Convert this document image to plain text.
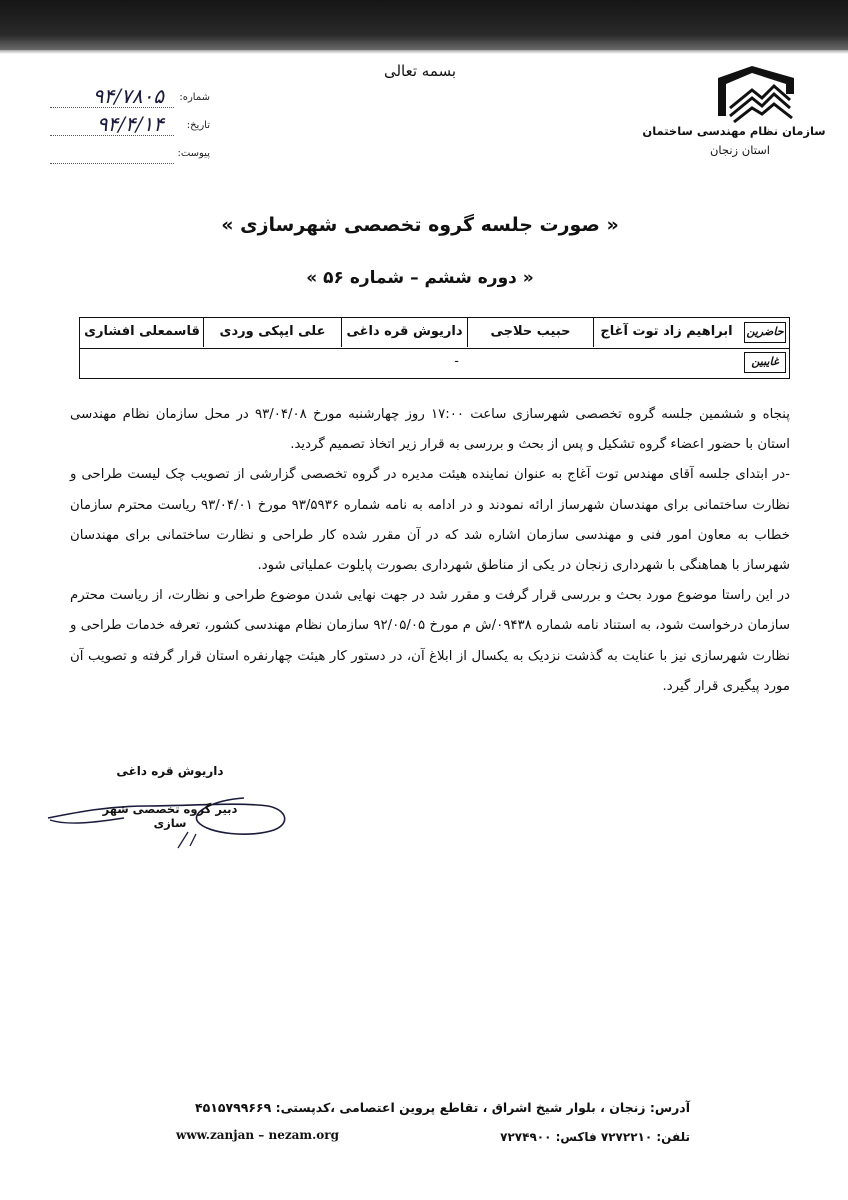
بسمه تعالی
سازمان نظام مهندسی ساختمان
استان زنجان
شماره:
۹۴/۷۸۰۵
تاریخ:
۹۴/۴/۱۴
پیوست:
« صورت جلسه گروه تخصصی شهرسازی »
« دوره ششم – شماره ۵۶ »
حاضرین
ابراهیم زاد توت آغاج
حبیب حلاجی
داریوش قره داغی
علی ایپکی وردی
قاسمعلی افشاری
غایبین
-

پنجاه و ششمین جلسه گروه تخصصی شهرسازی ساعت ۱۷:۰۰ روز چهارشنبه مورخ ۹۳/۰۴/۰۸ در محل سازمان نظام مهندسی استان با حضور اعضاء گروه تشکیل و پس از بحث و بررسی به قرار زیر اتخاذ تصمیم گردید.

-در ابتدای جلسه آقای مهندس توت آغاج به عنوان نماینده هیئت مدیره در گروه تخصصی گزارشی از تصویب چک لیست طراحی و نظارت ساختمانی برای مهندسان شهرساز ارائه نمودند و در ادامه به نامه شماره ۹۳/۵۹۳۶ مورخ ۹۳/۰۴/۰۱ ریاست محترم سازمان خطاب به معاون امور فنی و مهندسی سازمان اشاره شد که در آن مقرر شده کار طراحی و نظارت ساختمانی برای مهندسان شهرساز با هماهنگی با شهرداری زنجان در یکی از مناطق شهرداری بصورت پایلوت عملیاتی شود.

در این راستا موضوع مورد بحث و بررسی قرار گرفت و مقرر شد در جهت نهایی شدن موضوع طراحی و نظارت، از ریاست محترم سازمان درخواست شود، به استناد نامه شماره ۰۹۴۳۸/ش م مورخ ۹۲/۰۵/۰۵ سازمان نظام مهندسی کشور، تعرفه خدمات طراحی و نظارت شهرسازی نیز با عنایت به گذشت نزدیک به یکسال از ابلاغ آن، در دستور کار هیئت چهارنفره استان قرار گرفته و تصویب آن مورد پیگیری قرار گیرد.

داریوش قره داغی
دبیر گروه تخصصی شهر سازی
آدرس: زنجان ، بلوار شیخ اشراق ، تقاطع پروین اعتصامی ،کدپستی: ۴۵۱۵۷۹۹۶۶۹
www.zanjan – nezam.org	تلفن: ۷۲۷۲۲۱۰ فاکس: ۷۲۷۴۹۰۰
